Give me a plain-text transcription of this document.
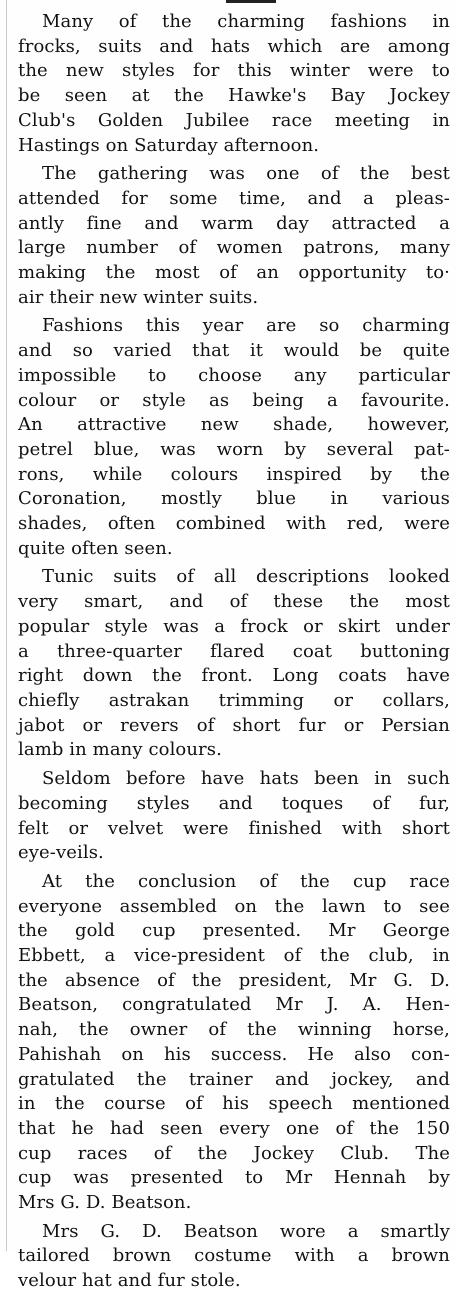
Many of the charming fashions in
frocks, suits and hats which are among
the new styles for this winter were to
be seen at the Hawke's Bay Jockey
Club's Golden Jubilee race meeting in
Hastings on Saturday afternoon.
The gathering was one of the best
attended for some time, and a pleas-
antly fine and warm day attracted a
large number of women patrons, many
making the most of an opportunity to·
air their new winter suits.
Fashions this year are so charming
and so varied that it would be quite
impossible to choose any particular
colour or style as being a favourite.
An attractive new shade, however,
petrel blue, was worn by several pat-
rons, while colours inspired by the
Coronation, mostly blue in various
shades, often combined with red, were
quite often seen.
Tunic suits of all descriptions looked
very smart, and of these the most
popular style was a frock or skirt under
a three-quarter flared coat buttoning
right down the front. Long coats have
chiefly astrakan trimming or collars,
jabot or revers of short fur or Persian
lamb in many colours.
Seldom before have hats been in such
becoming styles and toques of fur,
felt or velvet were finished with short
eye-veils.
At the conclusion of the cup race
everyone assembled on the lawn to see
the gold cup presented. Mr George
Ebbett, a vice-president of the club, in
the absence of the president, Mr G. D.
Beatson, congratulated Mr J. A. Hen-
nah, the owner of the winning horse,
Pahishah on his success. He also con-
gratulated the trainer and jockey, and
in the course of his speech mentioned
that he had seen every one of the 150
cup races of the Jockey Club. The
cup was presented to Mr Hennah by
Mrs G. D. Beatson.
Mrs G. D. Beatson wore a smartly
tailored brown costume with a brown
velour hat and fur stole.
